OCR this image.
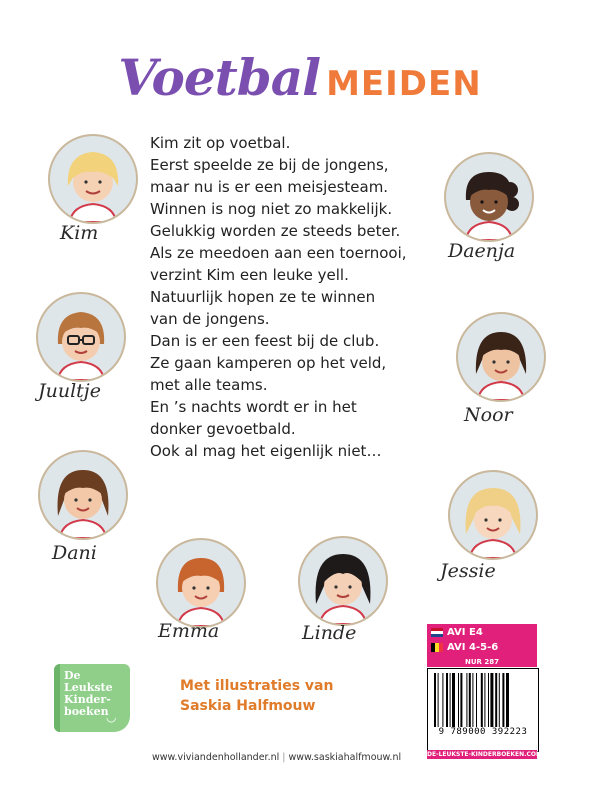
Voetbal MEIDEN
Kim zit op voetbal.
Eerst speelde ze bij de jongens,
maar nu is er een meisjesteam.
Winnen is nog niet zo makkelijk.
Gelukkig worden ze steeds beter.
Als ze meedoen aan een toernooi,
verzint Kim een leuke yell.
Natuurlijk hopen ze te winnen
van de jongens.
Dan is er een feest bij de club.
Ze gaan kamperen op het veld,
met alle teams.
En ’s nachts wordt er in het
donker gevoetbald.
Ook al mag het eigenlijk niet…
Kim
Daenja
Juultje
Noor
Dani
Jessie
Emma	Linde
De
Leukste
Kinder-
boeken
◡
Met illustraties van
Saskia Halfmouw
www.viviandenhollander.nl | www.saskiahalfmouw.nl
AVI E4
AVI 4-5-6
NUR 287
9 789000 392223
DE-LEUKSTE-KINDERBOEKEN.COM
